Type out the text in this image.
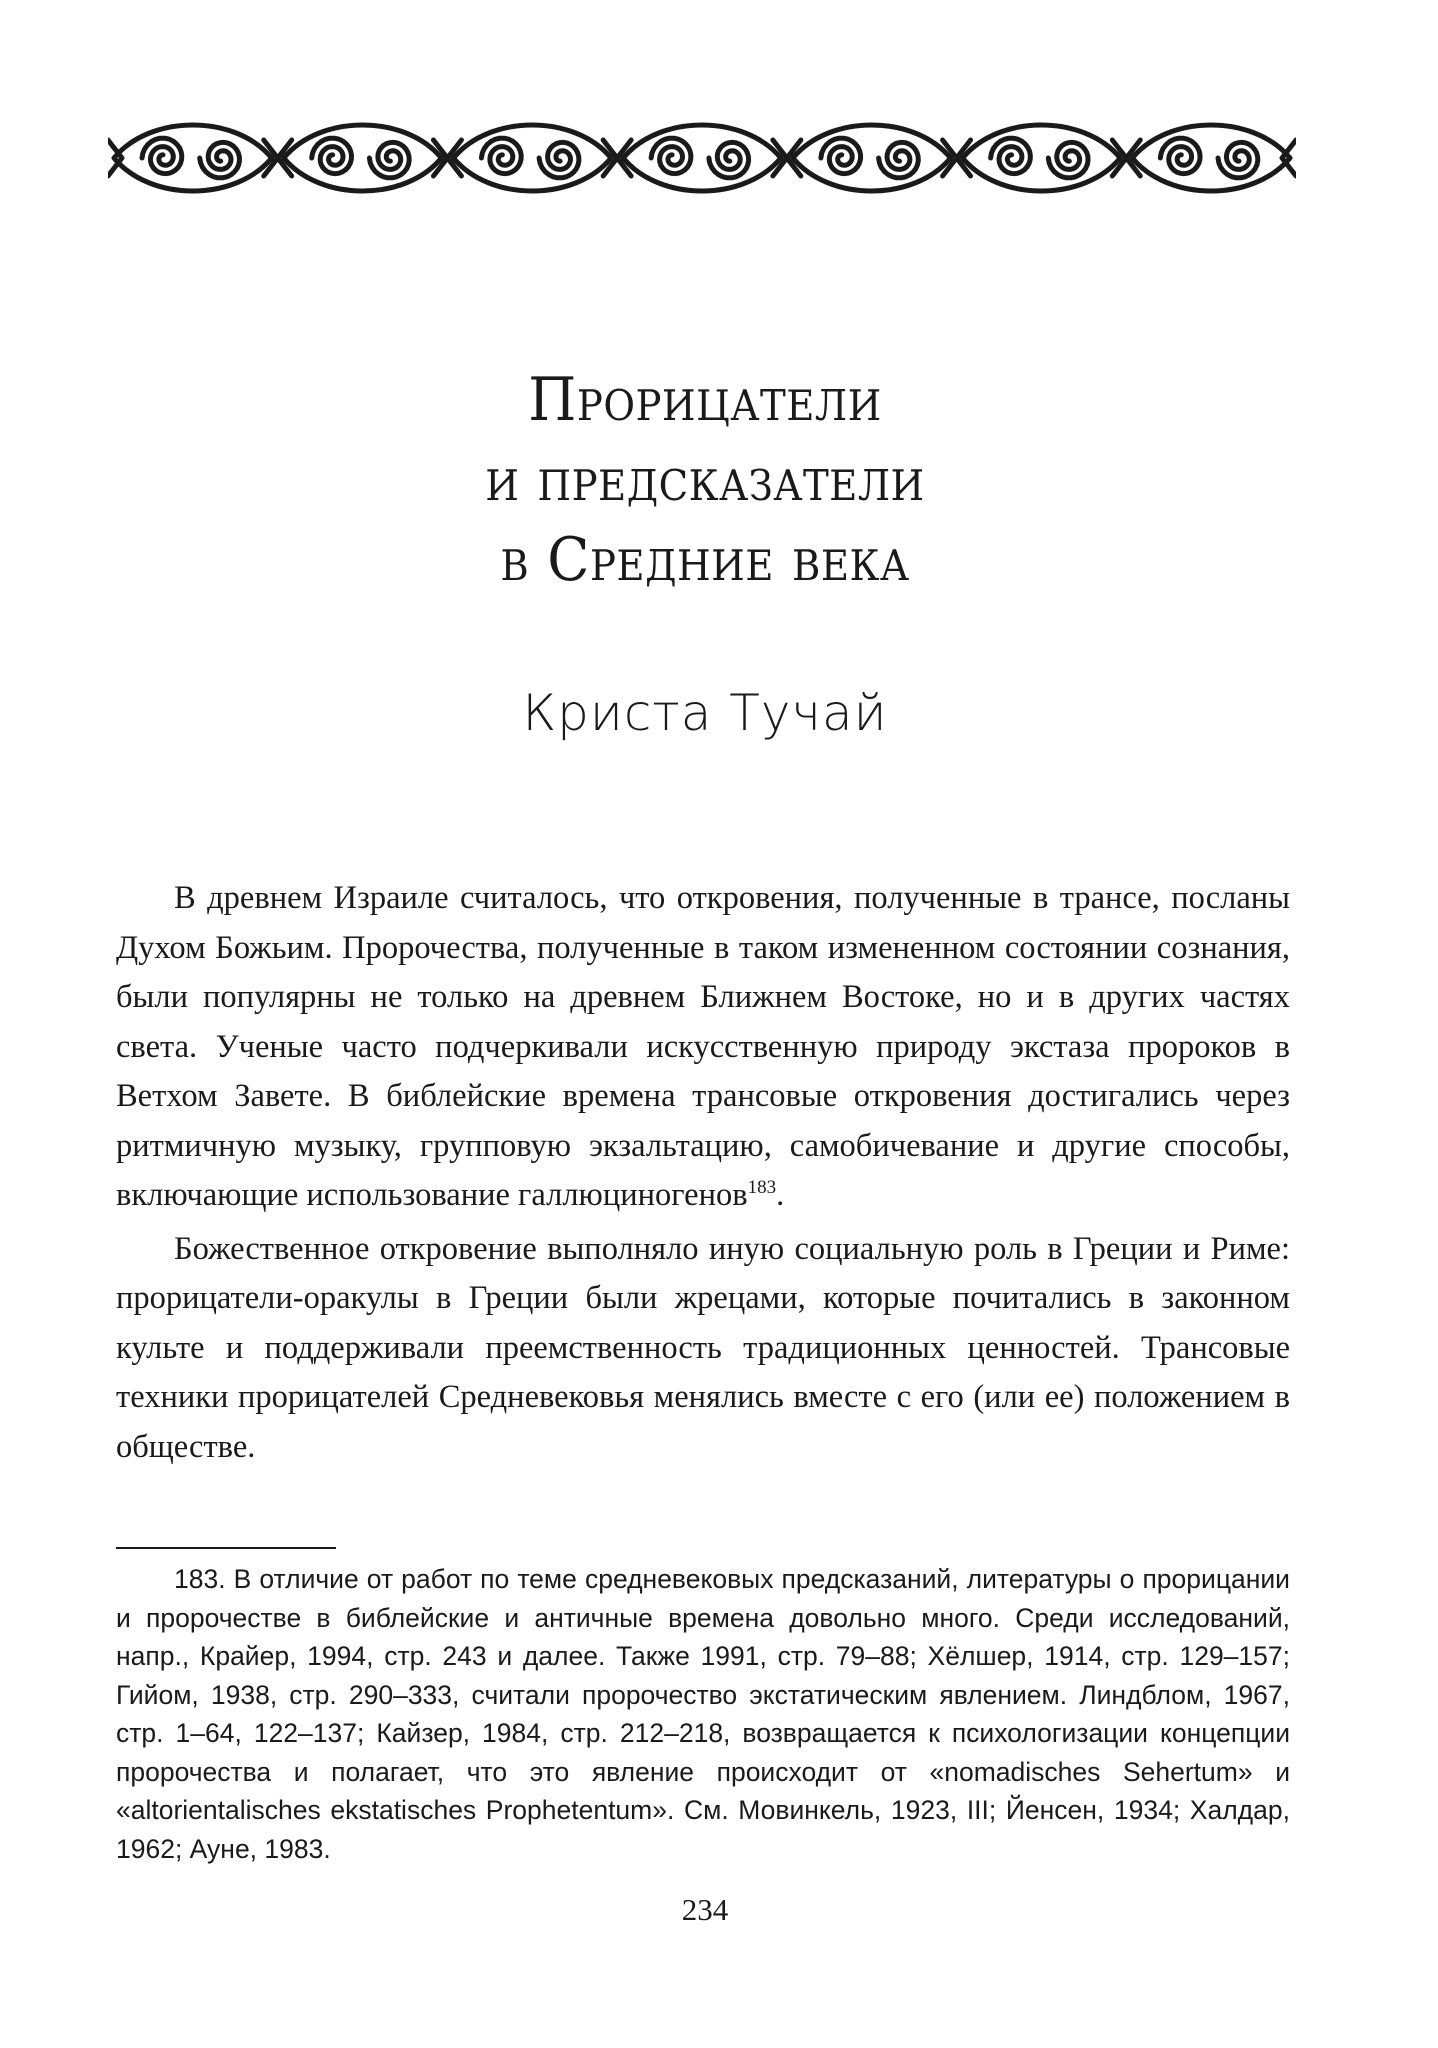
Прорицатели
и предсказатели
в Средние века
Криста Тучай

В древнем Израиле считалось, что откровения, полученные в трансе, посланы Духом Божьим. Пророчества, полученные в таком измененном состоянии сознания, были популярны не только на древнем Ближнем Востоке, но и в других частях света. Ученые часто подчеркивали искусственную природу экстаза пророков в Ветхом Завете. В библейские времена трансовые откровения достигались через ритмичную музыку, групповую экзальтацию, самобичевание и другие способы, включающие использование галлюциногенов$^{183}$.

Божественное откровение выполняло иную социальную роль в Греции и Риме: прорицатели-оракулы в Греции были жрецами, которые почитались в законном культе и поддерживали преемственность традиционных ценностей. Трансовые техники прорицателей Средневековья менялись вместе с его (или ее) положением в обществе.

183. В отличие от работ по теме средневековых предсказаний, литературы о прорицании и пророчестве в библейские и античные времена довольно много. Среди исследований, напр., Крайер, 1994, стр. 243 и далее. Также 1991, стр. 79–88; Хёлшер, 1914, стр. 129–157; Гийом, 1938, стр. 290–333, считали пророчество экстатическим явлением. Линдблом, 1967, стр. 1–64, 122–137; Кайзер, 1984, стр. 212–218, возвращается к психологизации концепции пророчества и полагает, что это явление происходит от «nomadisches Sehertum» и «altorientalisches ekstatisches Prophetentum». См. Мовинкель, 1923, III; Йенсен, 1934; Халдар, 1962; Ауне, 1983.

234
